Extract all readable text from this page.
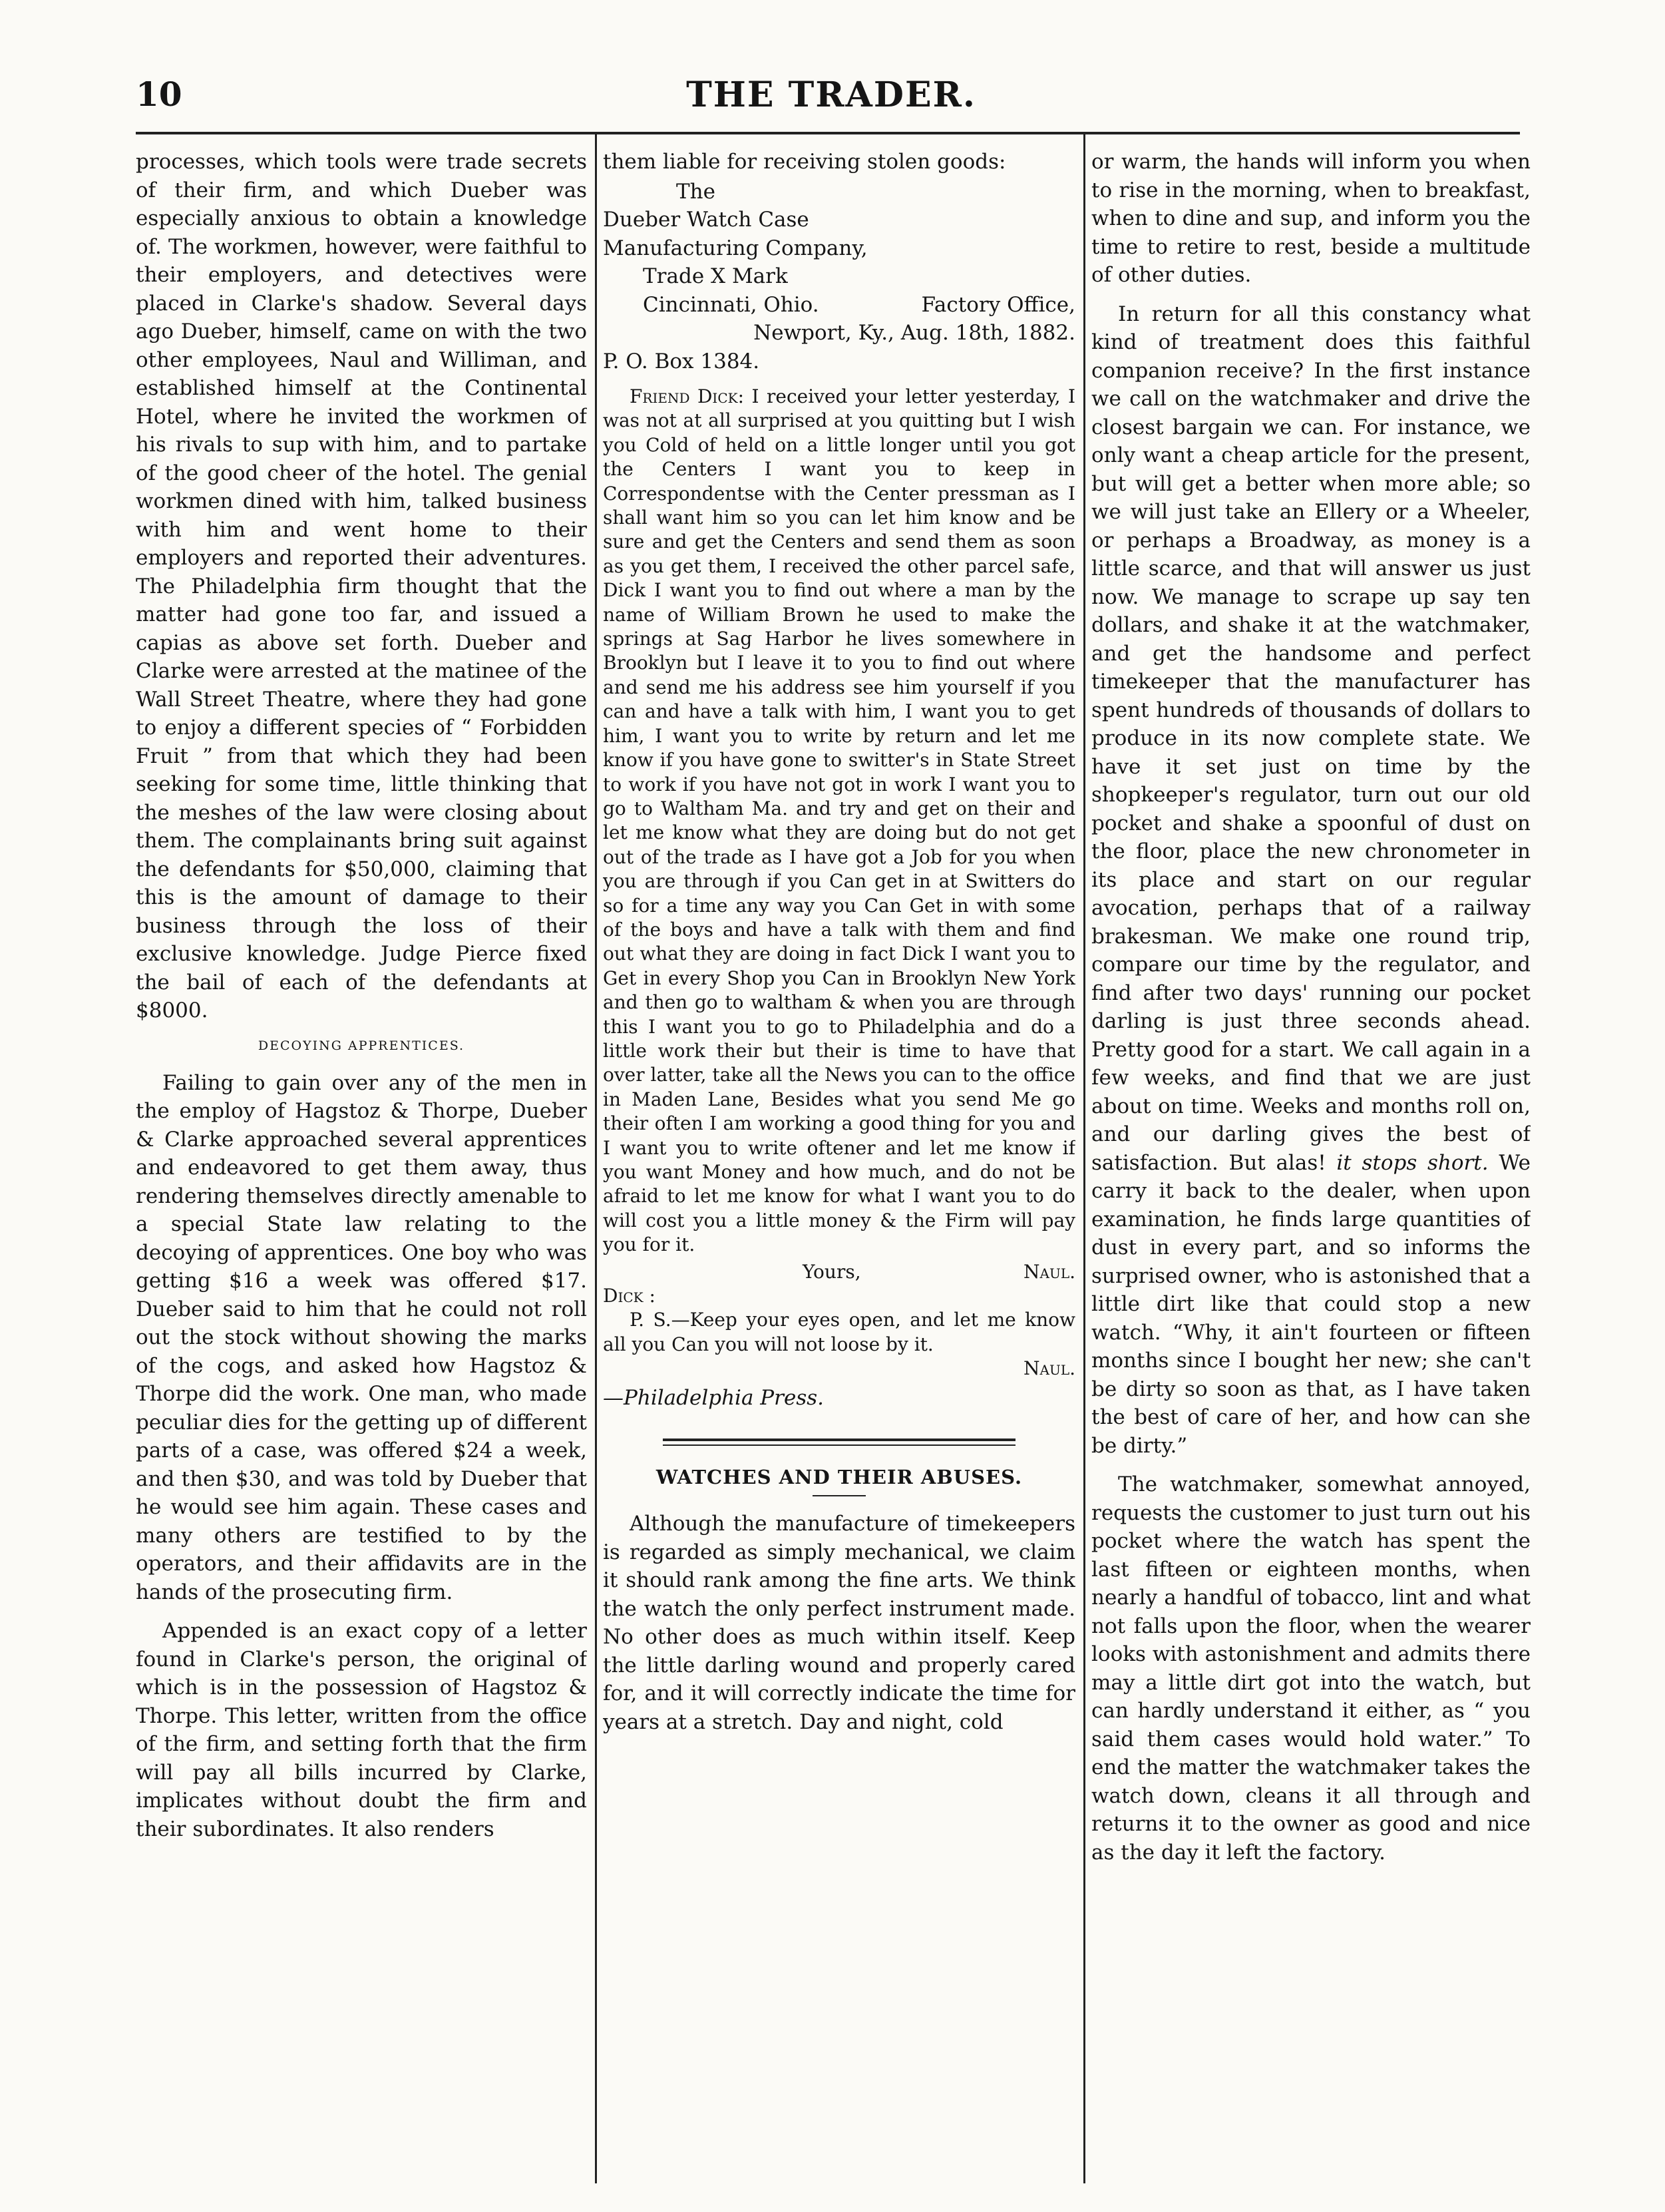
10	THE TRADER.

processes, which tools were trade secrets of their firm, and which Dueber was especially anxious to obtain a knowledge of. The workmen, however, were faithful to their employers, and detectives were placed in Clarke's shadow. Several days ago Dueber, himself, came on with the two other employees, Naul and Williman, and established himself at the Continental Hotel, where he invited the workmen of his rivals to sup with him, and to partake of the good cheer of the hotel. The genial workmen dined with him, talked business with him and went home to their employers and reported their adventures. The Philadelphia firm thought that the matter had gone too far, and issued a capias as above set forth. Dueber and Clarke were arrested at the matinee of the Wall Street Theatre, where they had gone to enjoy a different species of “ Forbidden Fruit ” from that which they had been seeking for some time, little thinking that the meshes of the law were closing about them. The complainants bring suit against the defendants for $50,000, claiming that this is the amount of damage to their business through the loss of their exclusive knowledge. Judge Pierce fixed the bail of each of the defendants at $8000.

DECOYING APPRENTICES.

Failing to gain over any of the men in the employ of Hagstoz & Thorpe, Dueber & Clarke approached several apprentices and endeavored to get them away, thus rendering themselves directly amenable to a special State law relating to the decoying of apprentices. One boy who was getting $16 a week was offered $17. Dueber said to him that he could not roll out the stock without showing the marks of the cogs, and asked how Hagstoz & Thorpe did the work. One man, who made peculiar dies for the getting up of different parts of a case, was offered $24 a week, and then $30, and was told by Dueber that he would see him again. These cases and many others are testified to by the operators, and their affidavits are in the hands of the prosecuting firm.

Appended is an exact copy of a letter found in Clarke's person, the original of which is in the possession of Hagstoz & Thorpe. This letter, written from the office of the firm, and setting forth that the firm will pay all bills incurred by Clarke, implicates without doubt the firm and their subordinates. It also renders

them liable for receiving stolen goods:

The
Dueber Watch Case
Manufacturing Company,
Trade X Mark
Cincinnati, Ohio.	Factory Office,
Newport, Ky., Aug. 18th, 1882.
P. O. Box 1384.

Friend Dick: I received your letter yesterday, I was not at all surprised at you quitting but I wish you Cold of held on a little longer until you got the Centers I want you to keep in Correspondentse with the Center pressman as I shall want him so you can let him know and be sure and get the Centers and send them as soon as you get them, I received the other parcel safe, Dick I want you to find out where a man by the name of William Brown he used to make the springs at Sag Harbor he lives somewhere in Brooklyn but I leave it to you to find out where and send me his address see him yourself if you can and have a talk with him, I want you to get him, I want you to write by return and let me know if you have gone to switter's in State Street to work if you have not got in work I want you to go to Waltham Ma. and try and get on their and let me know what they are doing but do not get out of the trade as I have got a Job for you when you are through if you Can get in at Switters do so for a time any way you Can Get in with some of the boys and have a talk with them and find out what they are doing in fact Dick I want you to Get in every Shop you Can in Brooklyn New York and then go to waltham & when you are through this I want you to go to Philadelphia and do a little work their but their is time to have that over latter, take all the News you can to the office in Maden Lane, Besides what you send Me go their often I am working a good thing for you and I want you to write oftener and let me know if you want Money and how much, and do not be afraid to let me know for what I want you to do will cost you a little money & the Firm will pay you for it.

Yours,	Naul.
Dick :

P. S.—Keep your eyes open, and let me know all you Can you will not loose by it.

Naul.
—Philadelphia Press.
WATCHES AND THEIR ABUSES.

Although the manufacture of timekeepers is regarded as simply mechanical, we claim it should rank among the fine arts. We think the watch the only perfect instrument made. No other does as much within itself. Keep the little darling wound and properly cared for, and it will correctly indicate the time for years at a stretch. Day and night, cold

or warm, the hands will inform you when to rise in the morning, when to breakfast, when to dine and sup, and inform you the time to retire to rest, beside a multitude of other duties.

In return for all this constancy what kind of treatment does this faithful companion receive? In the first instance we call on the watchmaker and drive the closest bargain we can. For instance, we only want a cheap article for the present, but will get a better when more able; so we will just take an Ellery or a Wheeler, or perhaps a Broadway, as money is a little scarce, and that will answer us just now. We manage to scrape up say ten dollars, and shake it at the watchmaker, and get the handsome and perfect timekeeper that the manufacturer has spent hundreds of thousands of dollars to produce in its now complete state. We have it set just on time by the shopkeeper's regulator, turn out our old pocket and shake a spoonful of dust on the floor, place the new chronometer in its place and start on our regular avocation, perhaps that of a railway brakesman. We make one round trip, compare our time by the regulator, and find after two days' running our pocket darling is just three seconds ahead. Pretty good for a start. We call again in a few weeks, and find that we are just about on time. Weeks and months roll on, and our darling gives the best of satisfaction. But alas! it stops short. We carry it back to the dealer, when upon examination, he finds large quantities of dust in every part, and so informs the surprised owner, who is astonished that a little dirt like that could stop a new watch. “Why, it ain't fourteen or fifteen months since I bought her new; she can't be dirty so soon as that, as I have taken the best of care of her, and how can she be dirty.”

The watchmaker, somewhat annoyed, requests the customer to just turn out his pocket where the watch has spent the last fifteen or eighteen months, when nearly a handful of tobacco, lint and what not falls upon the floor, when the wearer looks with astonishment and admits there may a little dirt got into the watch, but can hardly understand it either, as “ you said them cases would hold water.” To end the matter the watchmaker takes the watch down, cleans it all through and returns it to the owner as good and nice as the day it left the factory.
